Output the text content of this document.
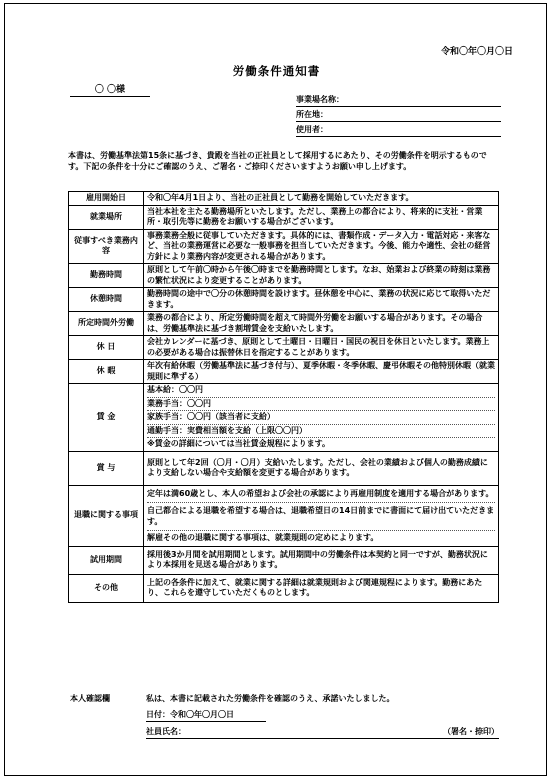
令和〇年〇月〇日
労働条件通知書
〇 〇様
事業場名称：
所在地：
使用者：
本書は、労働基準法第15条に基づき、貴殿を当社の正社員として採用するにあたり、その労働条件を明示するものです。下記の条件を十分にご確認のうえ、ご署名・ご捺印くださいますようお願い申し上げます。
雇用開始日	令和〇年4月1日より、当社の正社員として勤務を開始していただきます。
就業場所	当社本社を主たる勤務場所といたします。ただし、業務上の都合により、将来的に支社・営業所・取引先等に勤務をお願いする場合がございます。
従事すべき業務内容	事務業務全般に従事していただきます。具体的には、書類作成・データ入力・電話対応・来客など、当社の業務運営に必要な一般事務を担当していただきます。今後、能力や適性、会社の経営方針により業務内容が変更される場合があります。
勤務時間	原則として午前〇時から午後〇時までを勤務時間とします。なお、始業および終業の時刻は業務の繁忙状況により変更することがあります。
休憩時間	勤務時間の途中で〇分の休憩時間を設けます。昼休憩を中心に、業務の状況に応じて取得いただきます。
所定時間外労働	業務の都合により、所定労働時間を超えて時間外労働をお願いする場合があります。その場合は、労働基準法に基づき割増賃金を支給いたします。
休 日	会社カレンダーに基づき、原則として土曜日・日曜日・国民の祝日を休日といたします。業務上の必要がある場合は振替休日を指定することがあります。
休 暇	年次有給休暇（労働基準法に基づき付与）、夏季休暇・冬季休暇、慶弔休暇その他特別休暇（就業規則に準ずる）
賃 金	基本給：〇〇円
業務手当：〇〇円
家族手当：〇〇円（該当者に支給）
通勤手当：実費相当額を支給（上限〇〇円）
※賃金の詳細については当社賃金規程によります。

賞 与	原則として年2回（〇月・〇月）支給いたします。ただし、会社の業績および個人の勤務成績により支給しない場合や支給額を変更する場合があります。
退職に関する事項	定年は満60歳とし、本人の希望および会社の承認により再雇用制度を適用する場合があります。
自己都合による退職を希望する場合は、退職希望日の14日前までに書面にて届け出ていただきます。
解雇その他の退職に関する事項は、就業規則の定めによります。

試用期間	採用後3か月間を試用期間とします。試用期間中の労働条件は本契約と同一ですが、勤務状況により本採用を見送る場合があります。
その他	上記の各条件に加えて、就業に関する詳細は就業規則および関連規程によります。勤務にあたり、これらを遵守していただくものとします。
本人確認欄	私は、本書に記載された労働条件を確認のうえ、承諾いたしました。
日付：令和〇年〇月〇日
社員氏名：	（署名・捺印）
